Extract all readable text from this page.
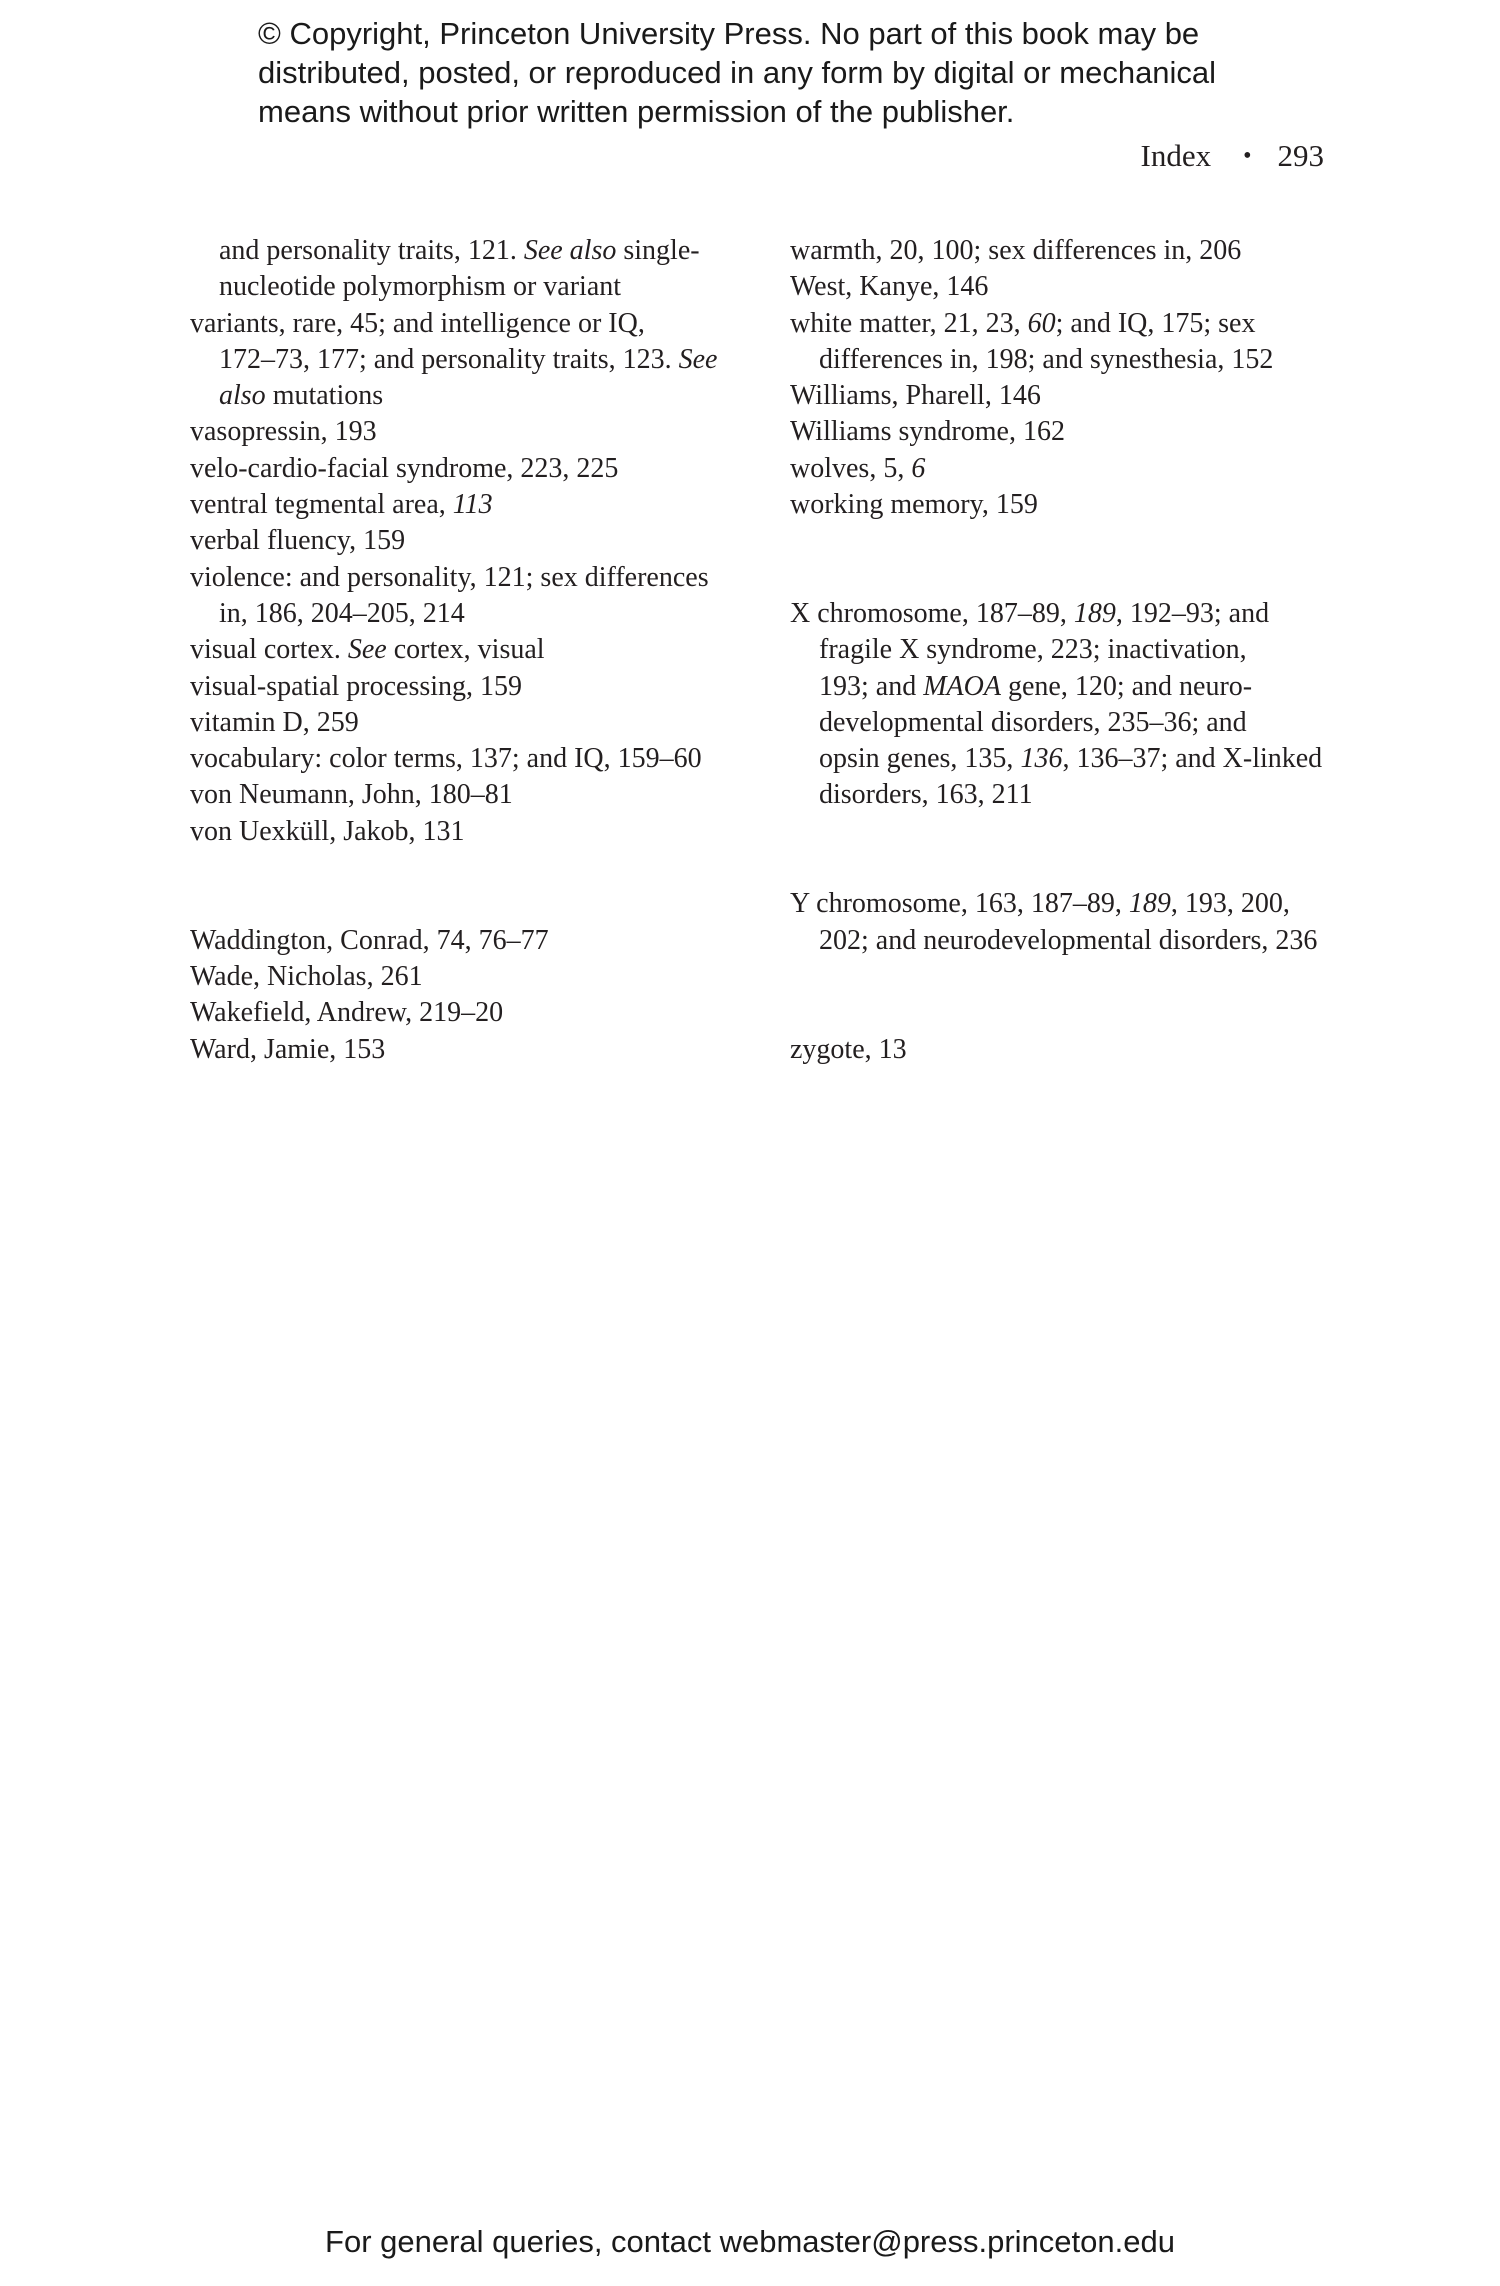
© Copyright, Princeton University Press. No part of this book may be
distributed, posted, or reproduced in any form by digital or mechanical
means without prior written permission of the publisher.
Index • 293
and personality traits, 121. See also single-
nucleotide polymorphism or variant
variants, rare, 45; and intelligence or IQ,
172–73, 177; and personality traits, 123. See
also mutations
vasopressin, 193
velo-cardio-facial syndrome, 223, 225
ventral tegmental area, 113
verbal fluency, 159
violence: and personality, 121; sex differences
in, 186, 204–205, 214
visual cortex. See cortex, visual
visual-spatial processing, 159
vitamin D, 259
vocabulary: color terms, 137; and IQ, 159–60
von Neumann, John, 180–81
von Uexküll, Jakob, 131
Waddington, Conrad, 74, 76–77
Wade, Nicholas, 261
Wakefield, Andrew, 219–20
Ward, Jamie, 153
warmth, 20, 100; sex differences in, 206
West, Kanye, 146
white matter, 21, 23, 60; and IQ, 175; sex
differences in, 198; and synesthesia, 152
Williams, Pharell, 146
Williams syndrome, 162
wolves, 5, 6
working memory, 159
X chromosome, 187–89, 189, 192–93; and
fragile X syndrome, 223; inactivation,
193; and MAOA gene, 120; and neuro-
developmental disorders, 235–36; and
opsin genes, 135, 136, 136–37; and X-linked
disorders, 163, 211
Y chromosome, 163, 187–89, 189, 193, 200,
202; and neurodevelopmental disorders, 236
zygote, 13
For general queries, contact webmaster@press.princeton.edu
